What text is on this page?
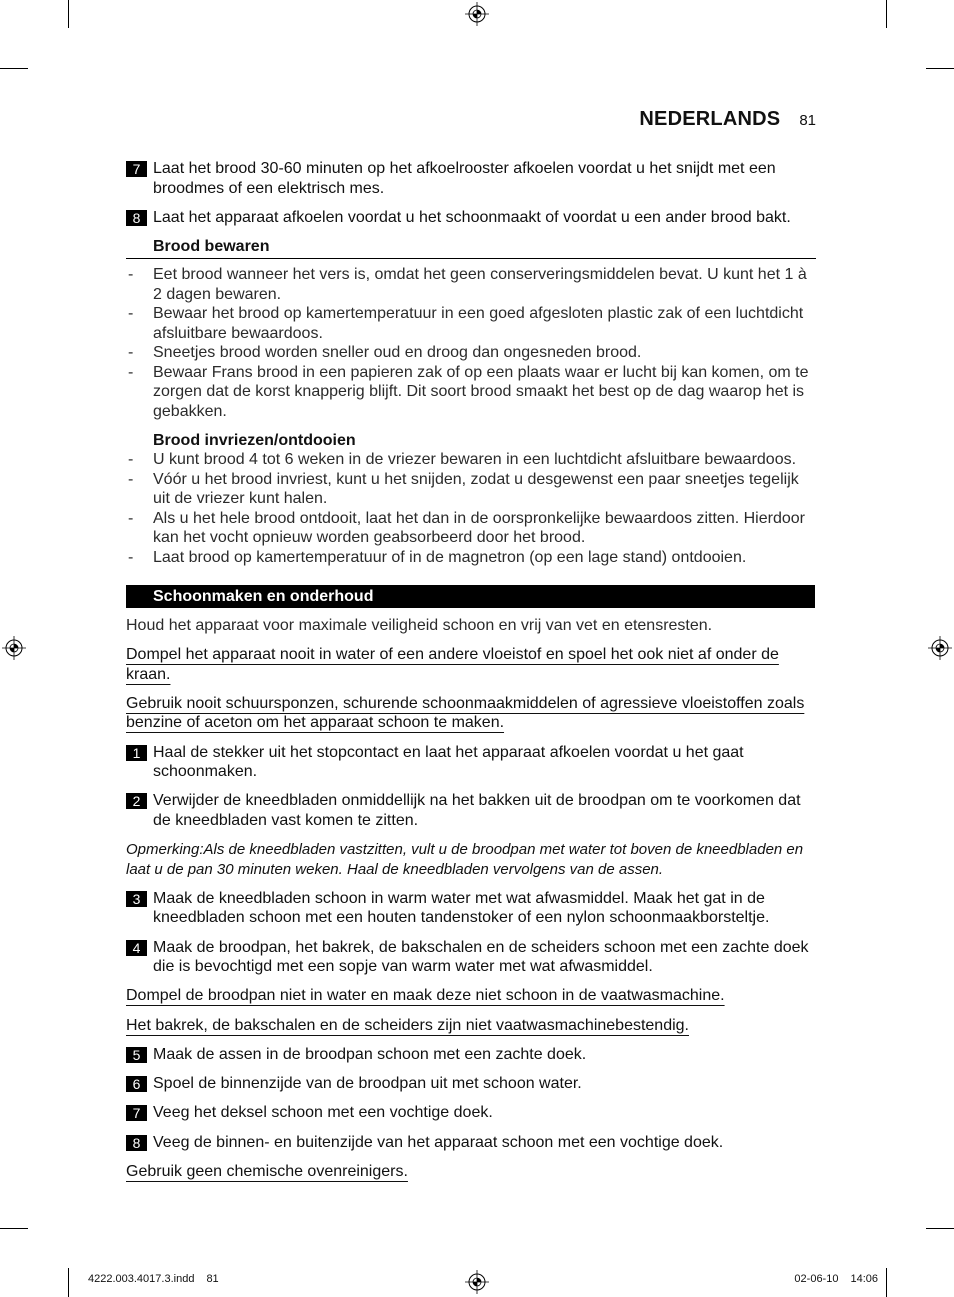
NEDERLANDS 81
7 Laat het brood 30-60 minuten op het afkoelrooster afkoelen voordat u het snijdt met een broodmes of een elektrisch mes.
8 Laat het apparaat afkoelen voordat u het schoonmaakt of voordat u een ander brood bakt.
Brood bewaren
- Eet brood wanneer het vers is, omdat het geen conserveringsmiddelen bevat. U kunt het 1 à 2 dagen bewaren.
- Bewaar het brood op kamertemperatuur in een goed afgesloten plastic zak of een luchtdicht afsluitbare bewaardoos.
- Sneetjes brood worden sneller oud en droog dan ongesneden brood.
- Bewaar Frans brood in een papieren zak of op een plaats waar er lucht bij kan komen, om te zorgen dat de korst knapperig blijft. Dit soort brood smaakt het best op de dag waarop het is gebakken.
Brood invriezen/ontdooien
- U kunt brood 4 tot 6 weken in de vriezer bewaren in een luchtdicht afsluitbare bewaardoos.
- Vóór u het brood invriest, kunt u het snijden, zodat u desgewenst een paar sneetjes tegelijk uit de vriezer kunt halen.
- Als u het hele brood ontdooit, laat het dan in de oorspronkelijke bewaardoos zitten. Hierdoor kan het vocht opnieuw worden geabsorbeerd door het brood.
- Laat brood op kamertemperatuur of in de magnetron (op een lage stand) ontdooien.
Schoonmaken en onderhoud
Houd het apparaat voor maximale veiligheid schoon en vrij van vet en etensresten.
Dompel het apparaat nooit in water of een andere vloeistof en spoel het ook niet af onder de kraan.
Gebruik nooit schuursponzen, schurende schoonmaakmiddelen of agressieve vloeistoffen zoals benzine of aceton om het apparaat schoon te maken.
1 Haal de stekker uit het stopcontact en laat het apparaat afkoelen voordat u het gaat schoonmaken.
2 Verwijder de kneedbladen onmiddellijk na het bakken uit de broodpan om te voorkomen dat de kneedbladen vast komen te zitten.
Opmerking:Als de kneedbladen vastzitten, vult u de broodpan met water tot boven de kneedbladen en laat u de pan 30 minuten weken. Haal de kneedbladen vervolgens van de assen.
3 Maak de kneedbladen schoon in warm water met wat afwasmiddel. Maak het gat in de kneedbladen schoon met een houten tandenstoker of een nylon schoonmaakborsteltje.
4 Maak de broodpan, het bakrek, de bakschalen en de scheiders schoon met een zachte doek die is bevochtigd met een sopje van warm water met wat afwasmiddel.
Dompel de broodpan niet in water en maak deze niet schoon in de vaatwasmachine.
Het bakrek, de bakschalen en de scheiders zijn niet vaatwasmachinebestendig.
5 Maak de assen in de broodpan schoon met een zachte doek.
6 Spoel de binnenzijde van de broodpan uit met schoon water.
7 Veeg het deksel schoon met een vochtige doek.
8 Veeg de binnen- en buitenzijde van het apparaat schoon met een vochtige doek.
Gebruik geen chemische ovenreinigers.
4222.003.4017.3.indd 81	02-06-10 14:06
